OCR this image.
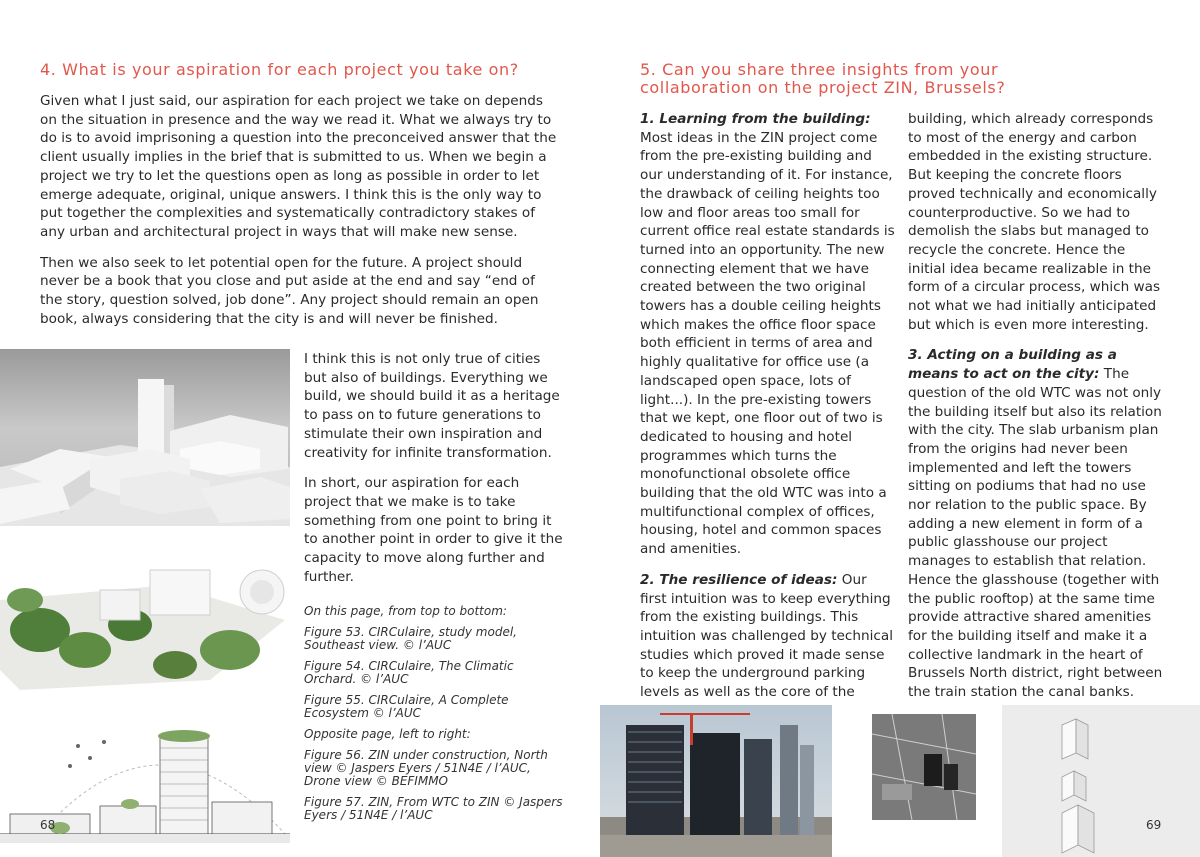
4. What is your aspiration for each project you take on?

Given what I just said, our aspiration for each project we take on depends on the situation in presence and the way we read it. What we always try to do is to avoid imprisoning a question into the preconceived answer that the client usually implies in the brief that is submitted to us. When we begin a project we try to let the questions open as long as possible in order to let emerge adequate, original, unique answers. I think this is the only way to put together the complexities and systematically contradictory stakes of any urban and architectural project in ways that will make new sense.

Then we also seek to let potential open for the future. A project should never be a book that you close and put aside at the end and say “end of the story, question solved, job done”. Any project should remain an open book, always considering that the city is and will never be finished.

68

I think this is not only true of cities but also of buildings. Everything we build, we should build it as a heritage to pass on to future generations to stimulate their own inspiration and creativity for infinite transformation.

In short, our aspiration for each project that we make is to take something from one point to bring it to another point in order to give it the capacity to move along further and further.

On this page, from top to bottom:

Figure 53. CIRCulaire, study model, Southeast view. © l’AUC

Figure 54. CIRCulaire, The Climatic Orchard. © l’AUC

Figure 55. CIRCulaire, A Complete Ecosystem © l’AUC

Opposite page, left to right:

Figure 56. ZIN under construction, North view © Jaspers Eyers / 51N4E / l’AUC, Drone view © BEFIMMO

Figure 57. ZIN, From WTC to ZIN © Jaspers Eyers / 51N4E / l’AUC

5. Can you share three insights from your
collaboration on the project ZIN, Brussels?

1. Learning from the building: Most ideas in the ZIN project come from the pre-existing building and our understanding of it. For instance, the drawback of ceiling heights too low and floor areas too small for current office real estate standards is turned into an opportunity. The new connecting element that we have created between the two original towers has a double ceiling heights which makes the office floor space both efficient in terms of area and highly qualitative for office use (a landscaped open space, lots of light...). In the pre-existing towers that we kept, one floor out of two is dedicated to housing and hotel programmes which turns the monofunctional obsolete office building that the old WTC was into a multifunctional complex of offices, housing, hotel and common spaces and amenities.

2. The resilience of ideas: Our first intuition was to keep everything from the existing buildings. This intuition was challenged by technical studies which proved it made sense to keep the underground parking levels as well as the core of the

building, which already corresponds to most of the energy and carbon embedded in the existing structure. But keeping the concrete floors proved technically and economically counterproductive. So we had to demolish the slabs but managed to recycle the concrete. Hence the initial idea became realizable in the form of a circular process, which was not what we had initially anticipated but which is even more interesting.

3. Acting on a building as a means to act on the city: The question of the old WTC was not only the building itself but also its relation with the city. The slab urbanism plan from the origins had never been implemented and left the towers sitting on podiums that had no use nor relation to the public space. By adding a new element in form of a public glasshouse our project manages to establish that relation. Hence the glasshouse (together with the public rooftop) at the same time provide attractive shared amenities for the building itself and make it a collective landmark in the heart of Brussels North district, right between the train station the canal banks.

69
